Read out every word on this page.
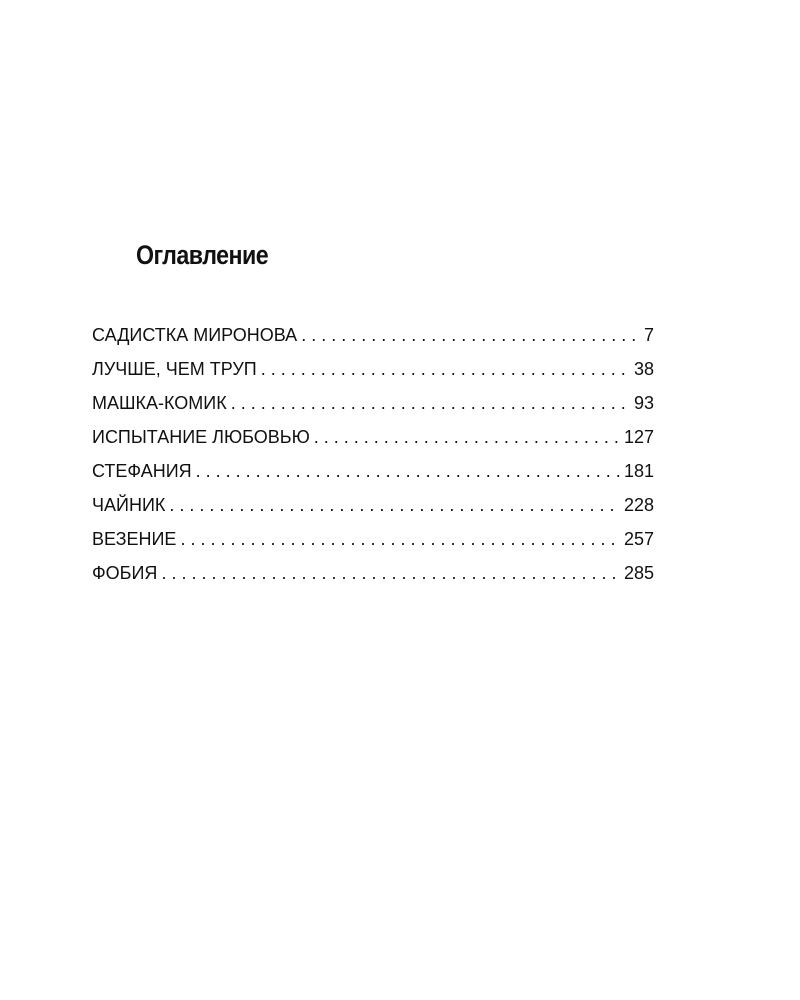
Оглавление
САДИСТКА МИРОНОВА . . .	7
ЛУЧШЕ, ЧЕМ ТРУП . . .	38
МАШКА-КОМИК . . .	93
ИСПЫТАНИЕ ЛЮБОВЬЮ . . .	127
СТЕФАНИЯ . . .	181
ЧАЙНИК . . .	228
ВЕЗЕНИЕ . . .	257
ФОБИЯ . . .	285
